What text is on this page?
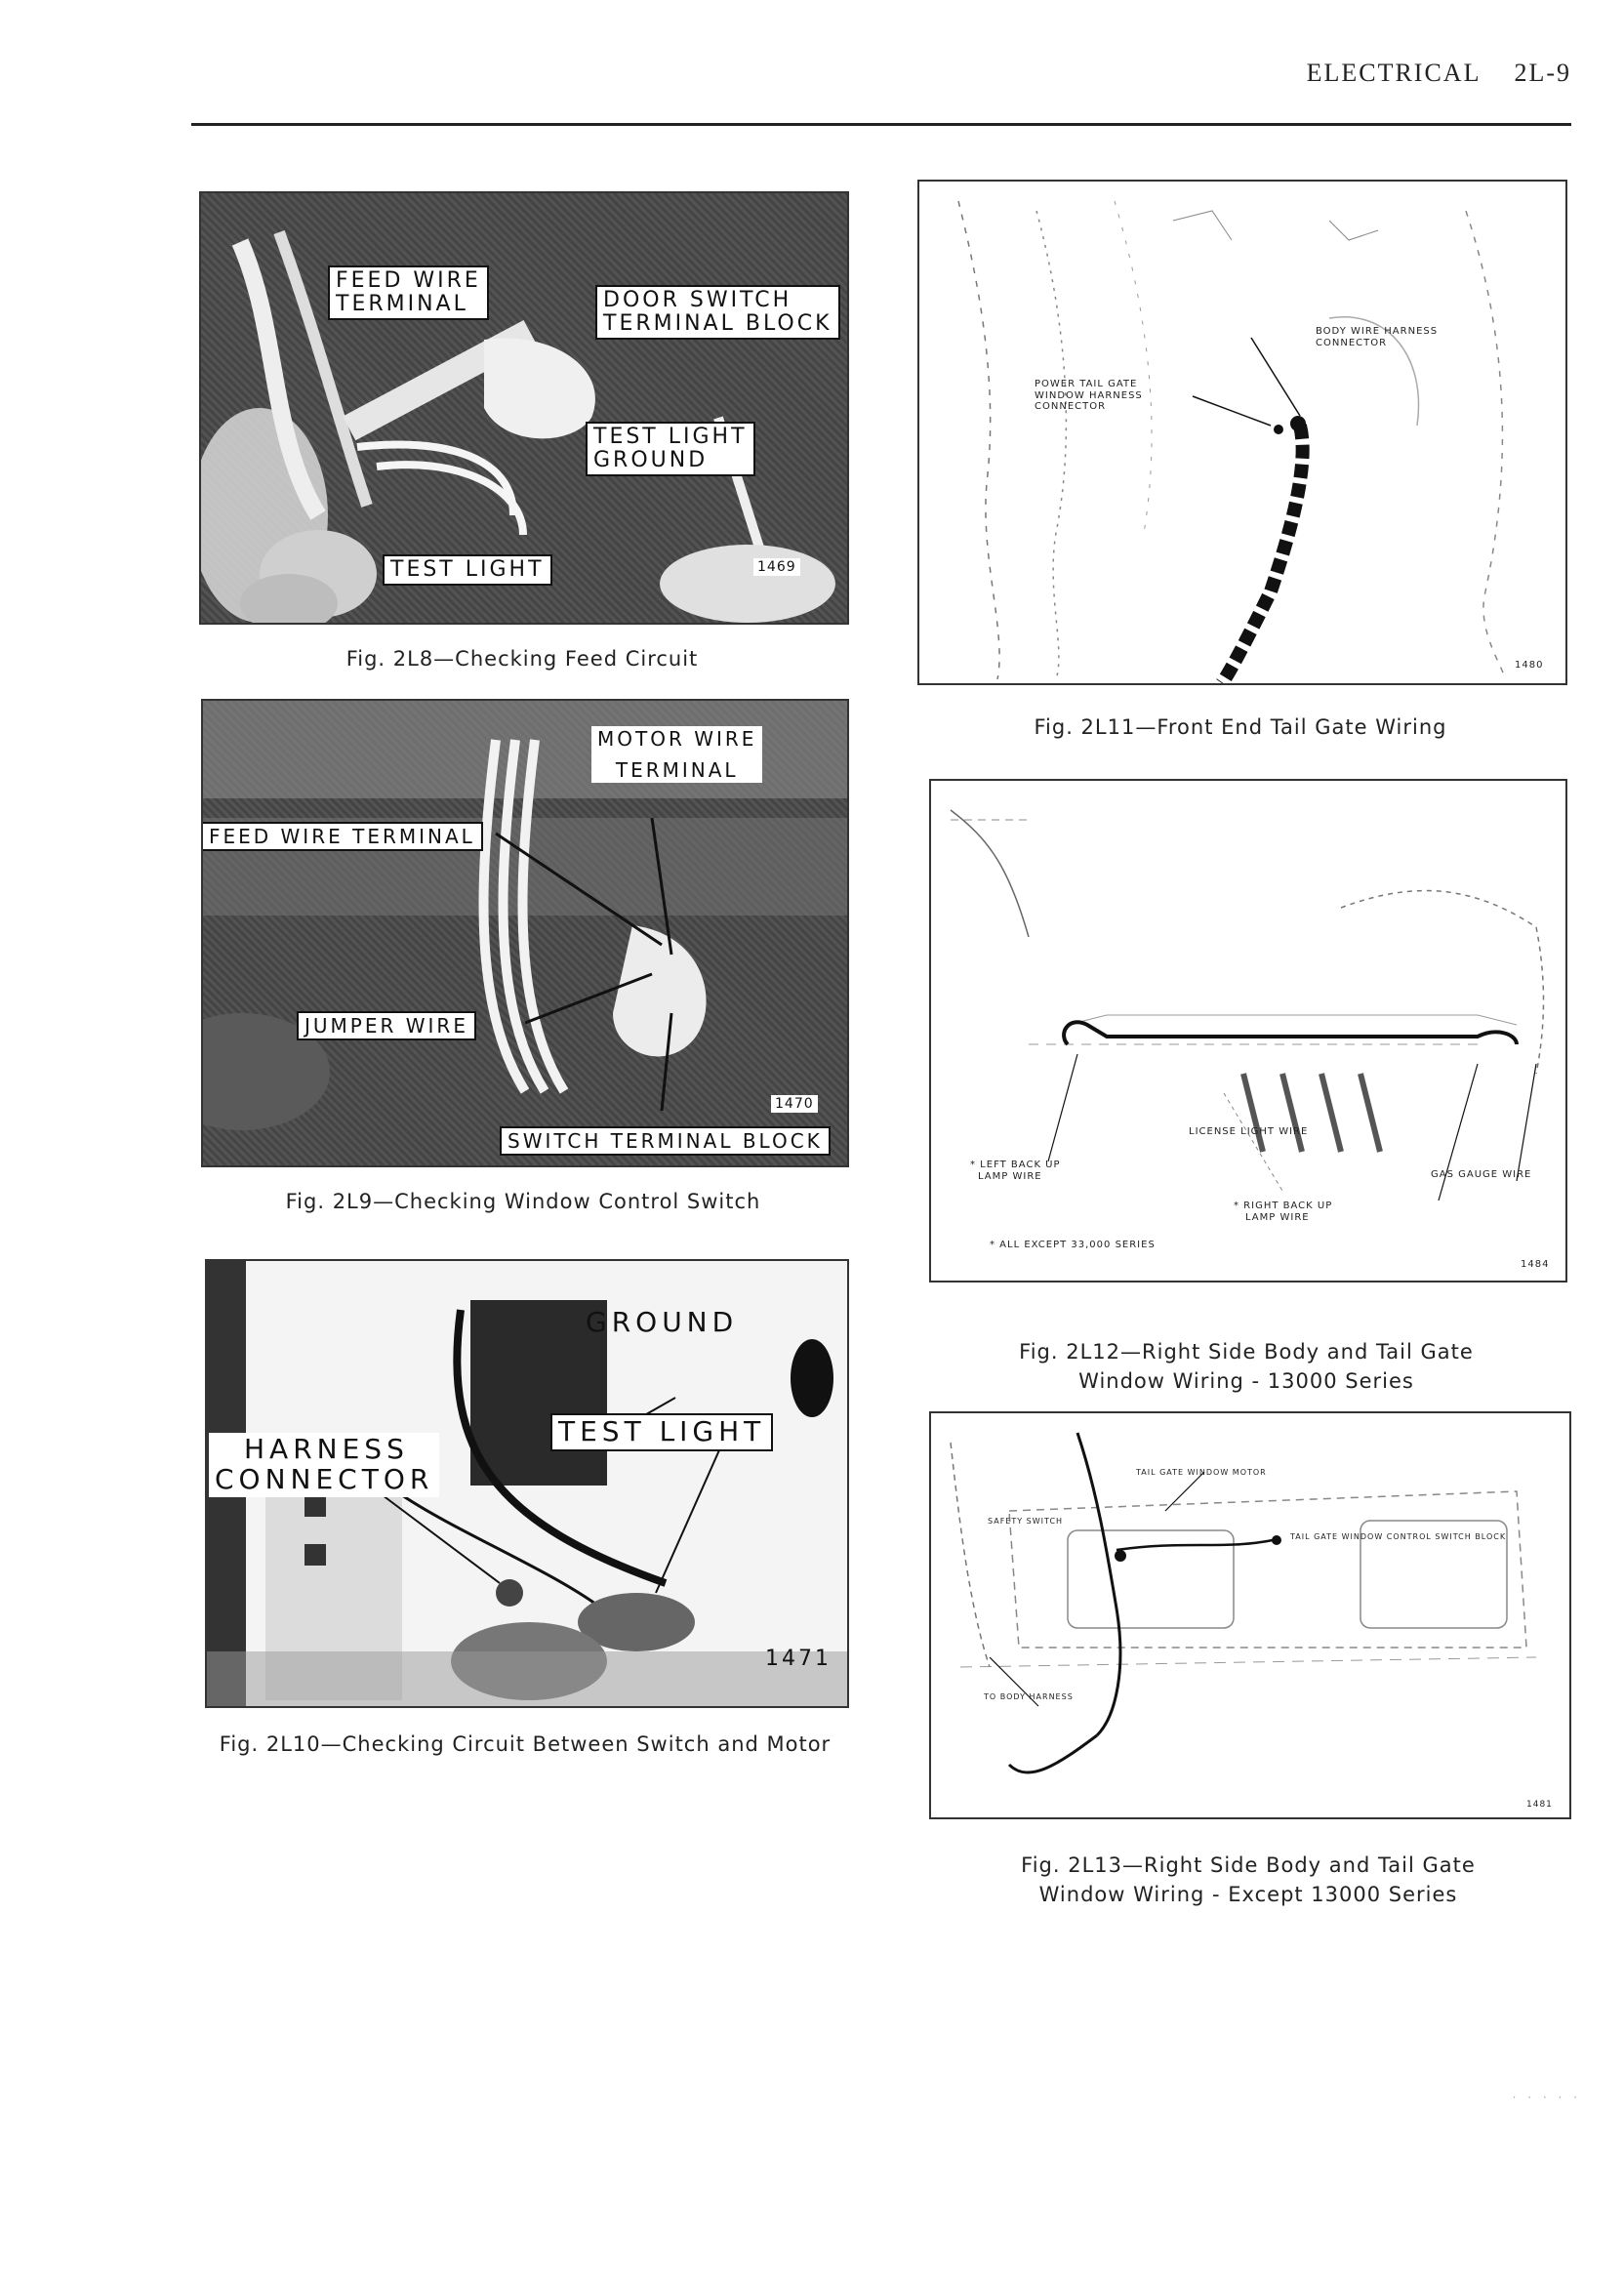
ELECTRICAL 2L-9
FEED WIRE
TERMINAL	DOOR SWITCH
TERMINAL BLOCK
TEST LIGHT
GROUND
TEST LIGHT	1469
Fig. 2L8—Checking Feed Circuit
MOTOR WIRE
TERMINAL
FEED WIRE TERMINAL
JUMPER WIRE
SWITCH TERMINAL BLOCK
1470
Fig. 2L9—Checking Window Control Switch
GROUND
TEST LIGHT
HARNESS
CONNECTOR
1471
Fig. 2L10—Checking Circuit Between Switch and Motor
BODY WIRE HARNESS
CONNECTOR
POWER TAIL GATE
WINDOW HARNESS
CONNECTOR
1480
Fig. 2L11—Front End Tail Gate Wiring
LICENSE LIGHT WIRE
* LEFT BACK UP
LAMP WIRE	GAS GAUGE WIRE
* RIGHT BACK UP
LAMP WIRE
* ALL EXCEPT 33,000 SERIES
1484
Fig. 2L12—Right Side Body and Tail Gate
Window Wiring - 13000 Series
TAIL GATE WINDOW MOTOR
SAFETY SWITCH
TAIL GATE WINDOW CONTROL SWITCH BLOCK
TO BODY HARNESS
1481
Fig. 2L13—Right Side Body and Tail Gate
Window Wiring - Except 13000 Series
· · · · ·
